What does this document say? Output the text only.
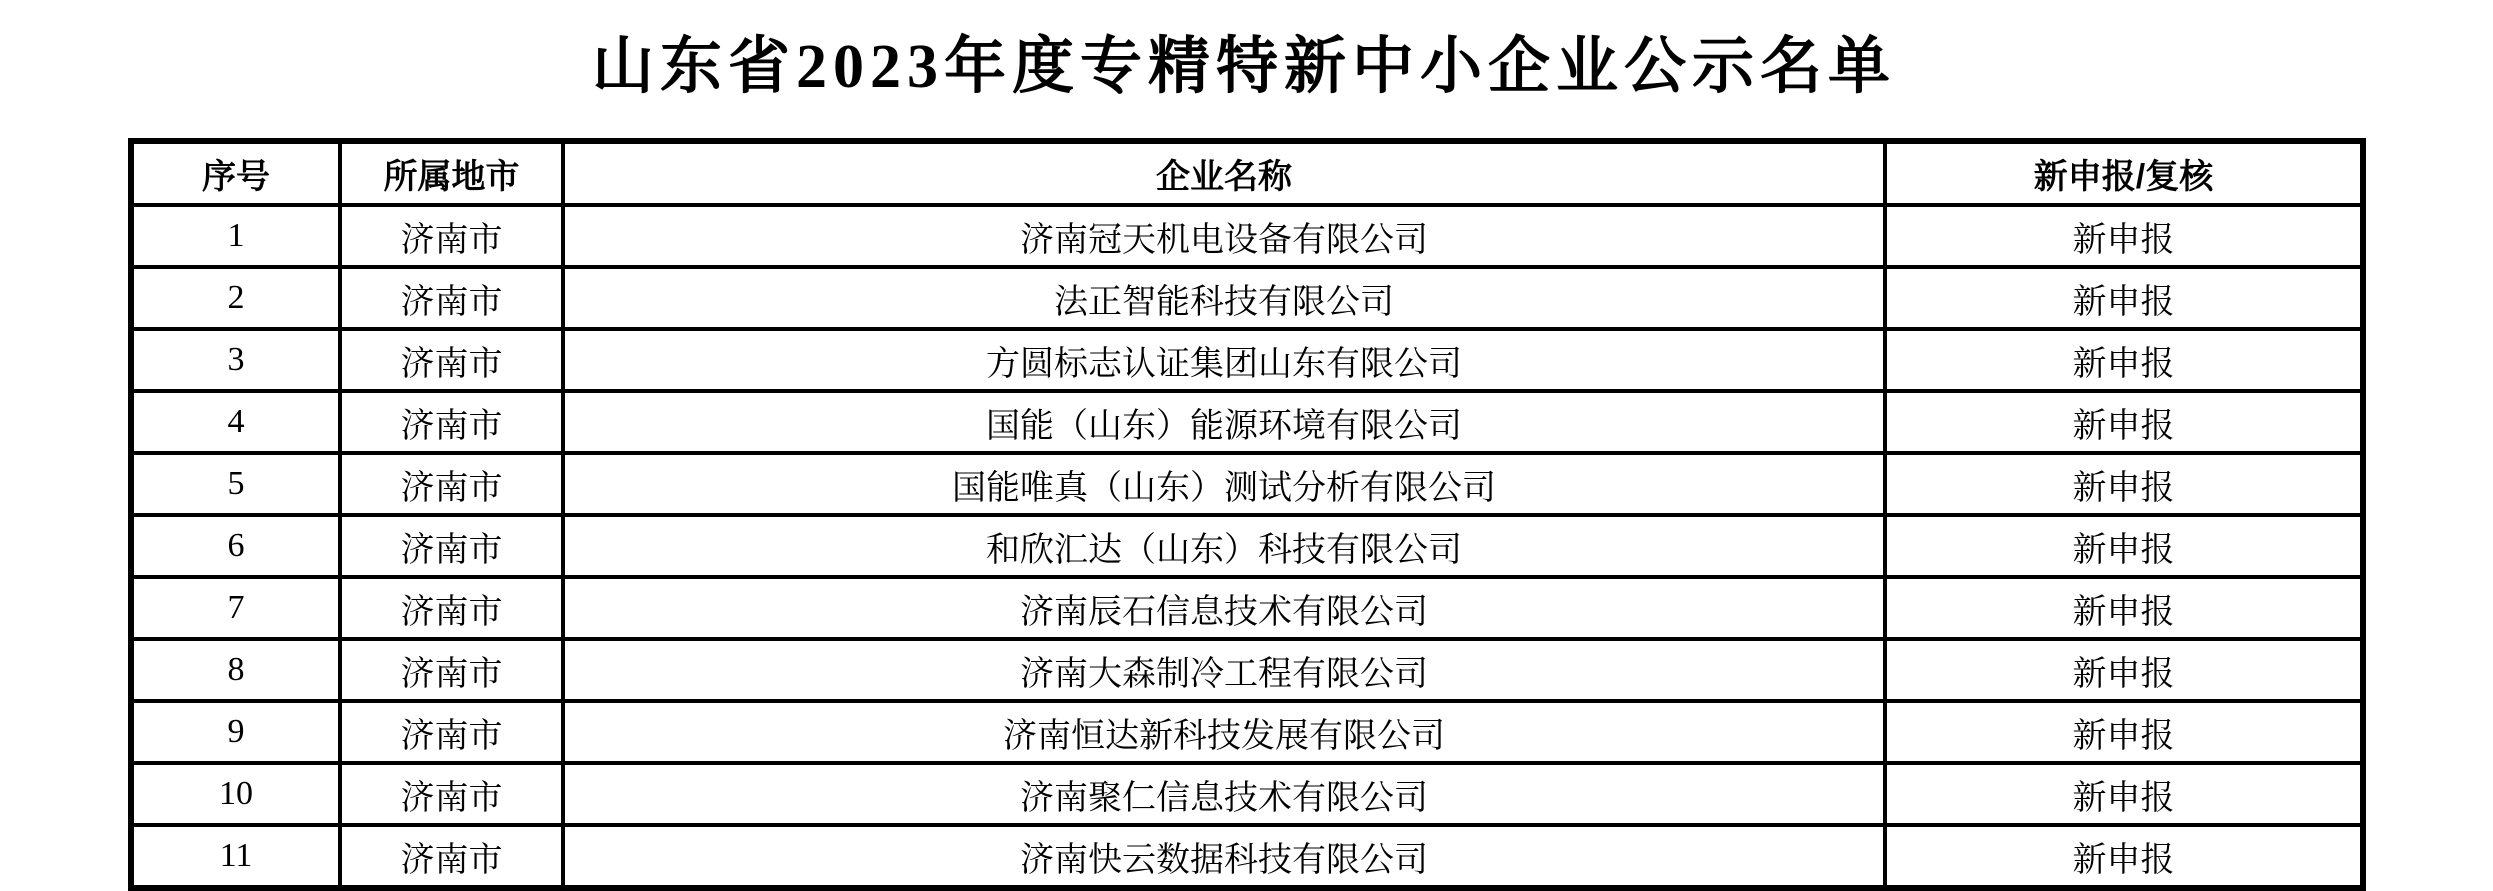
山东省2023年度专精特新中小企业公示名单
序号	所属地市	企业名称	新申报/复核
1	济南市	济南冠天机电设备有限公司	新申报
2	济南市	法正智能科技有限公司	新申报
3	济南市	方圆标志认证集团山东有限公司	新申报
4	济南市	国能（山东）能源环境有限公司	新申报
5	济南市	国能唯真（山东）测试分析有限公司	新申报
6	济南市	和欣汇达（山东）科技有限公司	新申报
7	济南市	济南辰石信息技术有限公司	新申报
8	济南市	济南大森制冷工程有限公司	新申报
9	济南市	济南恒达新科技发展有限公司	新申报
10	济南市	济南聚仁信息技术有限公司	新申报
11	济南市	济南快云数据科技有限公司	新申报
